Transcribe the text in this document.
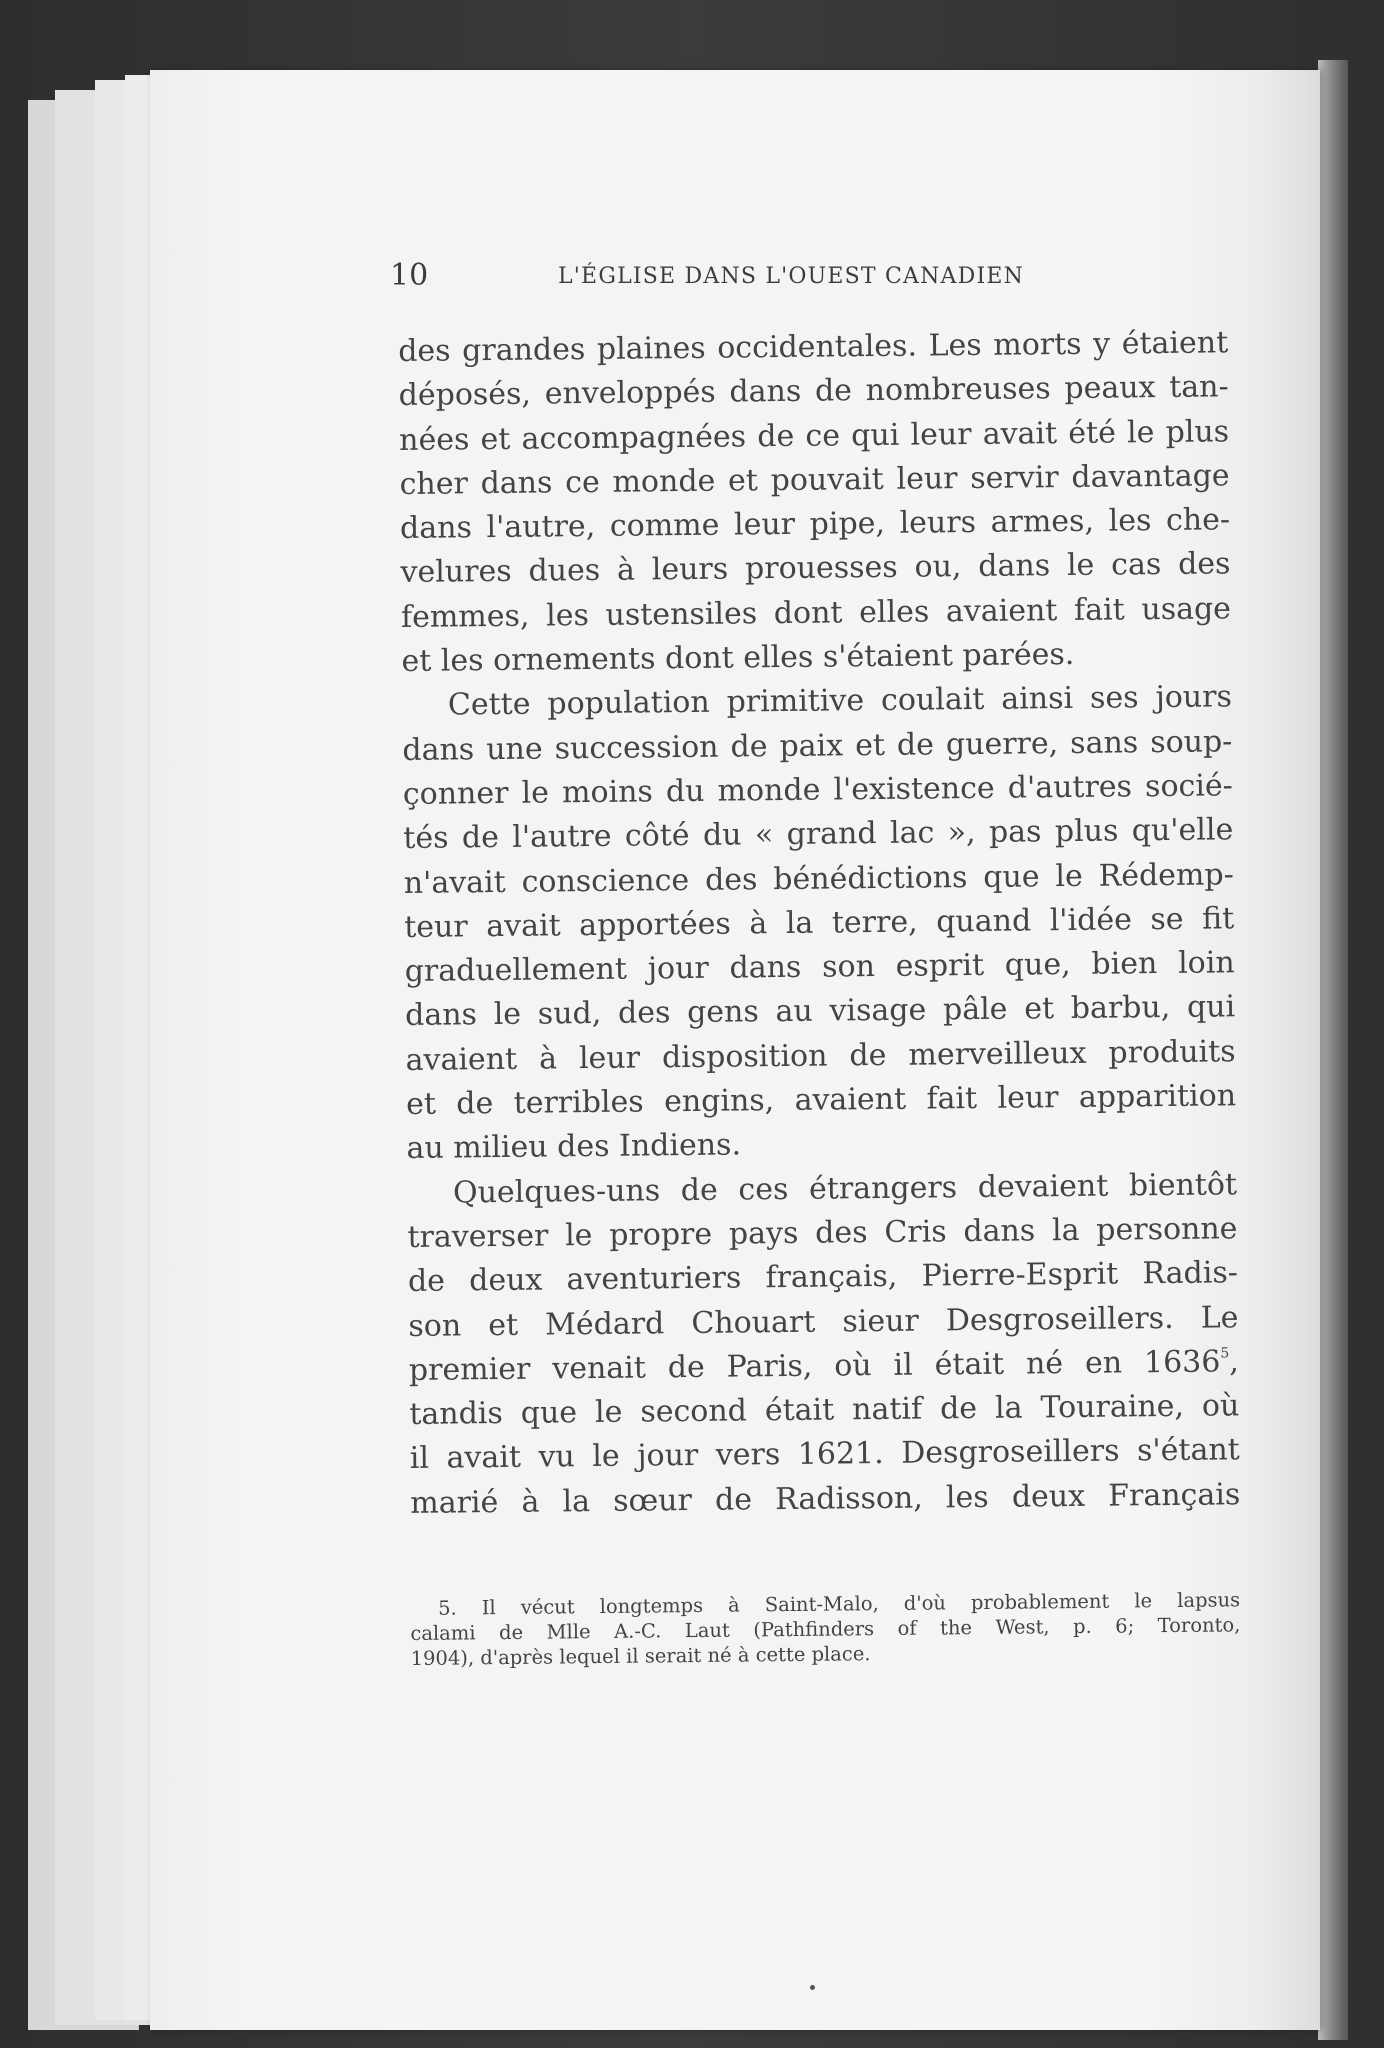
10	L'ÉGLISE DANS L'OUEST CANADIEN
des grandes plaines occidentales. Les morts y étaient
déposés, enveloppés dans de nombreuses peaux tan-
nées et accompagnées de ce qui leur avait été le plus
cher dans ce monde et pouvait leur servir davantage
dans l'autre, comme leur pipe, leurs armes, les che-
velures dues à leurs prouesses ou, dans le cas des
femmes, les ustensiles dont elles avaient fait usage
et les ornements dont elles s'étaient parées.
Cette population primitive coulait ainsi ses jours
dans une succession de paix et de guerre, sans soup-
çonner le moins du monde l'existence d'autres socié-
tés de l'autre côté du « grand lac », pas plus qu'elle
n'avait conscience des bénédictions que le Rédemp-
teur avait apportées à la terre, quand l'idée se fit
graduellement jour dans son esprit que, bien loin
dans le sud, des gens au visage pâle et barbu, qui
avaient à leur disposition de merveilleux produits
et de terribles engins, avaient fait leur apparition
au milieu des Indiens.
Quelques-uns de ces étrangers devaient bientôt
traverser le propre pays des Cris dans la personne
de deux aventuriers français, Pierre-Esprit Radis-
son et Médard Chouart sieur Desgroseillers. Le
premier venait de Paris, où il était né en 1636$^5$,
tandis que le second était natif de la Touraine, où
il avait vu le jour vers 1621. Desgroseillers s'étant
marié à la sœur de Radisson, les deux Français
5. Il vécut longtemps à Saint-Malo, d'où probablement le lapsus
calami de Mlle A.-C. Laut (Pathfinders of the West, p. 6; Toronto,
1904), d'après lequel il serait né à cette place.
